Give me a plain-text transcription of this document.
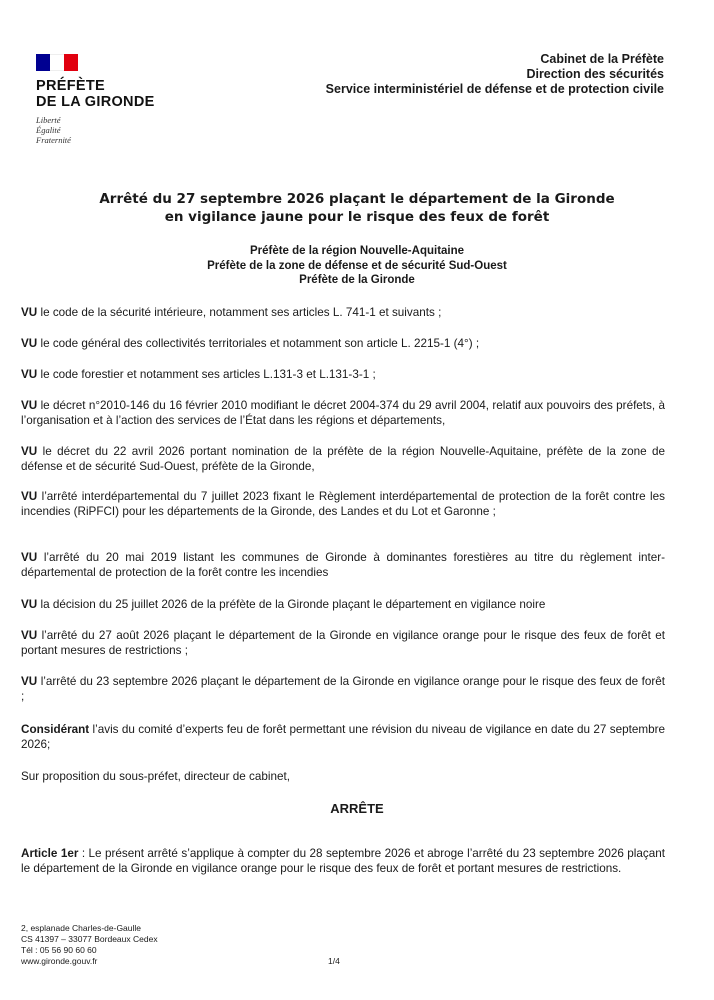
PRÉFÈTE
DE LA GIRONDE
Liberté
Égalité
Fraternité
Cabinet de la Préfète
Direction des sécurités
Service interministériel de défense et de protection civile
Arrêté du 27 septembre 2026 plaçant le département de la Gironde
en vigilance jaune pour le risque des feux de forêt
Préfète de la région Nouvelle-Aquitaine
Préfète de la zone de défense et de sécurité Sud-Ouest
Préfète de la Gironde

VU le code de la sécurité intérieure, notamment ses articles L. 741-1 et suivants ;

VU le code général des collectivités territoriales et notamment son article L. 2215-1 (4°) ;

VU le code forestier et notamment ses articles L.131-3 et L.131-3-1 ;

VU le décret n°2010-146 du 16 février 2010 modifiant le décret 2004-374 du 29 avril 2004, relatif aux pouvoirs des préfets, à l’organisation et à l’action des services de l’État dans les régions et départements,

VU le décret du 22 avril 2026 portant nomination de la préfète de la région Nouvelle-Aquitaine, préfète de la zone de défense et de sécurité Sud-Ouest, préfète de la Gironde,

VU l’arrêté interdépartemental du 7 juillet 2023 fixant le Règlement interdépartemental de protection de la forêt contre les incendies (RiPFCI) pour les départements de la Gironde, des Landes et du Lot et Garonne ;

VU l’arrêté du 20 mai 2019 listant les communes de Gironde à dominantes forestières au titre du règlement inter-départemental de protection de la forêt contre les incendies

VU la décision du 25 juillet 2026 de la préfète de la Gironde plaçant le département en vigilance noire

VU l’arrêté du 27 août 2026 plaçant le département de la Gironde en vigilance orange pour le risque des feux de forêt et portant mesures de restrictions ;

VU l’arrêté du 23 septembre 2026 plaçant le département de la Gironde en vigilance orange pour le risque des feux de forêt ;

Considérant l’avis du comité d’experts feu de forêt permettant une révision du niveau de vigilance en date du 27 septembre 2026;

Sur proposition du sous-préfet, directeur de cabinet,

ARRÊTE

Article 1er : Le présent arrêté s’applique à compter du 28 septembre 2026 et abroge l’arrêté du 23 septembre 2026 plaçant le département de la Gironde en vigilance orange pour le risque des feux de forêt et portant mesures de restrictions.

2, esplanade Charles-de-Gaulle
CS 41397 – 33077 Bordeaux Cedex
Tél : 05 56 90 60 60
www.gironde.gouv.fr	1/4
